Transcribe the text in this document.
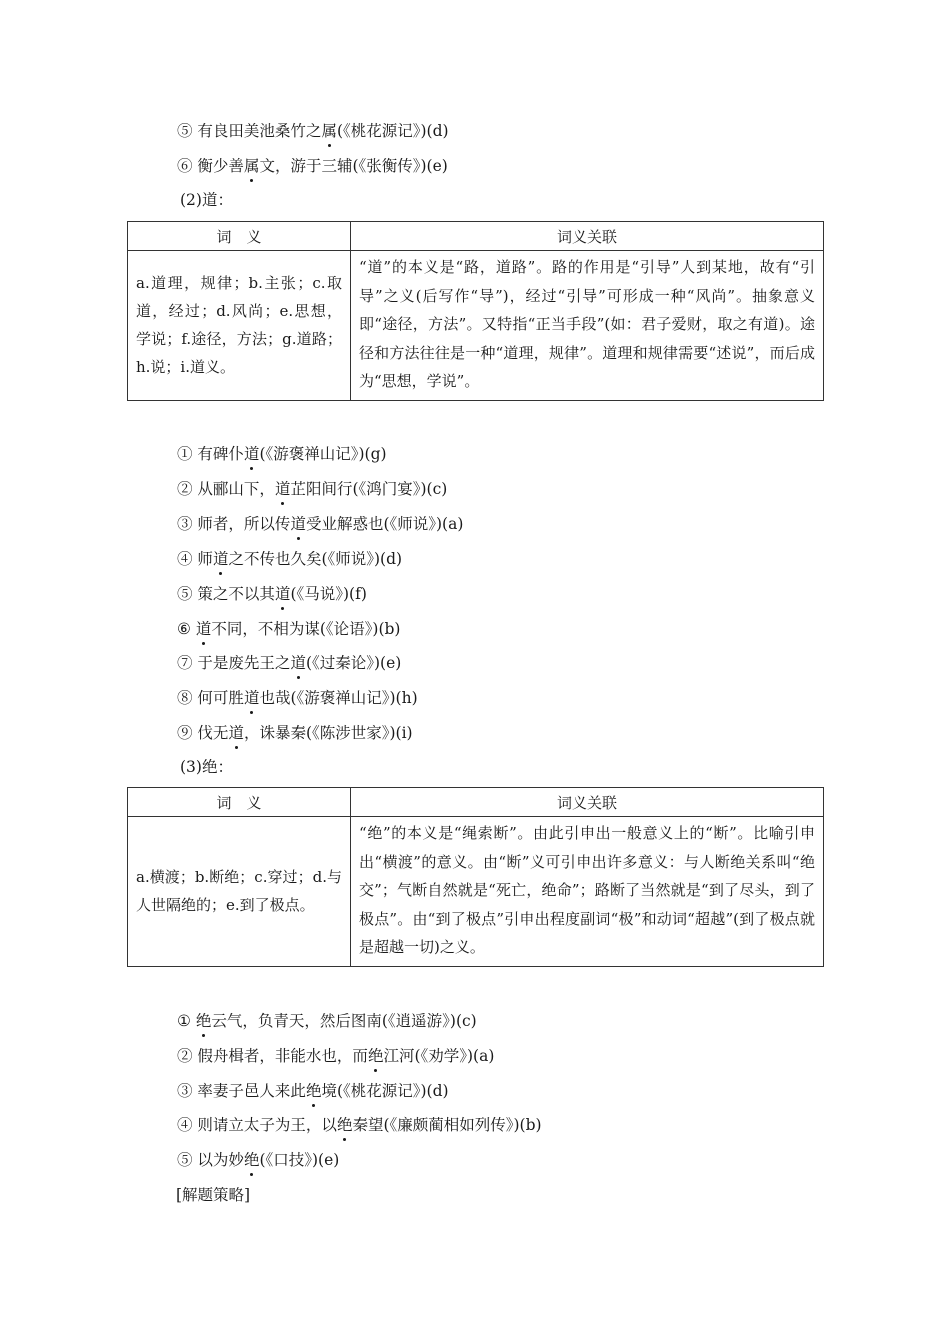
⑤ 有良田美池桑竹之属(《桃花源记》)(d)
⑥ 衡少善属文，游于三辅(《张衡传》)(e)
(2)道：
词　义	词义关联

a.道理，规律；b.主张；c.取道，经过；d.风尚；e.思想，学说；f.途径，方法；g.道路；h.说；i.道义。	“道”的本义是“路，道路”。路的作用是“引导”人到某地，故有“引导”之义(后写作“导”)，经过“引导”可形成一种“风尚”。抽象意义即“途径，方法”。又特指“正当手段”(如：君子爱财，取之有道)。途径和方法往往是一种“道理，规律”。道理和规律需要“述说”，而后成为“思想，学说”。
① 有碑仆道(《游褒禅山记》)(g)
② 从郦山下，道芷阳间行(《鸿门宴》)(c)
③ 师者，所以传道受业解惑也(《师说》)(a)
④ 师道之不传也久矣(《师说》)(d)
⑤ 策之不以其道(《马说》)(f)
⑥ 道不同，不相为谋(《论语》)(b)
⑦ 于是废先王之道(《过秦论》)(e)
⑧ 何可胜道也哉(《游褒禅山记》)(h)
⑨ 伐无道，诛暴秦(《陈涉世家》)(i)
(3)绝：
词　义	词义关联

a.横渡；b.断绝；c.穿过；d.与人世隔绝的；e.到了极点。	“绝”的本义是“绳索断”。由此引申出一般意义上的“断”。比喻引申出“横渡”的意义。由“断”义可引申出许多意义：与人断绝关系叫“绝交”；气断自然就是“死亡，绝命”；路断了当然就是“到了尽头，到了极点”。由“到了极点”引申出程度副词“极”和动词“超越”(到了极点就是超越一切)之义。
① 绝云气，负青天，然后图南(《逍遥游》)(c)
② 假舟楫者，非能水也，而绝江河(《劝学》)(a)
③ 率妻子邑人来此绝境(《桃花源记》)(d)
④ 则请立太子为王，以绝秦望(《廉颇蔺相如列传》)(b)
⑤ 以为妙绝(《口技》)(e)
[解题策略]
